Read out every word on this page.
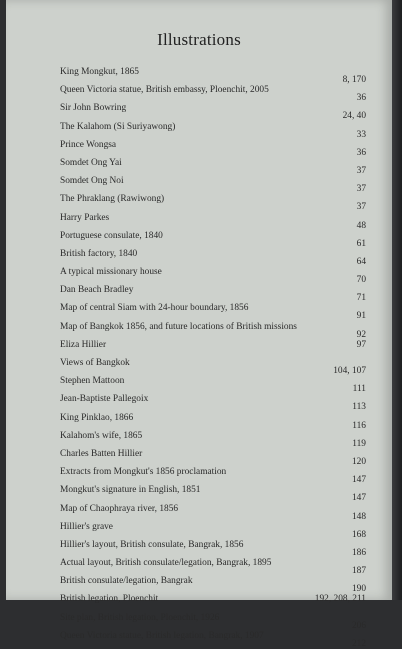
Illustrations
King Mongkut, 1865
8, 170
Queen Victoria statue, British embassy, Ploenchit, 2005
36
Sir John Bowring
24, 40
The Kalahom (Si Suriyawong)
33
Prince Wongsa
36
Somdet Ong Yai
37
Somdet Ong Noi
37
The Phraklang (Rawiwong)
37
Harry Parkes
48
Portuguese consulate, 1840
61
British factory, 1840
64
A typical missionary house
70
Dan Beach Bradley
71
Map of central Siam with 24-hour boundary, 1856
91
Map of Bangkok 1856, and future locations of British missions
92
Eliza Hillier	97
Views of Bangkok
104, 107
Stephen Mattoon
111
Jean-Baptiste Pallegoix
113
King Pinklao, 1866
116
Kalahom's wife, 1865
119
Charles Batten Hillier
120
Extracts from Mongkut's 1856 proclamation
147
Mongkut's signature in English, 1851
147
Map of Chaophraya river, 1856
148
Hillier's grave
168
Hillier's layout, British consulate, Bangrak, 1856
186
Actual layout, British consulate/legation, Bangrak, 1895
187
British consulate/legation, Bangrak
190
British legation, Ploenchit	192, 208, 211
Site plan, British legation, Ploenchit, 1926
206
Queen Victoria statue, British legation, Bangrak, 1907
212
